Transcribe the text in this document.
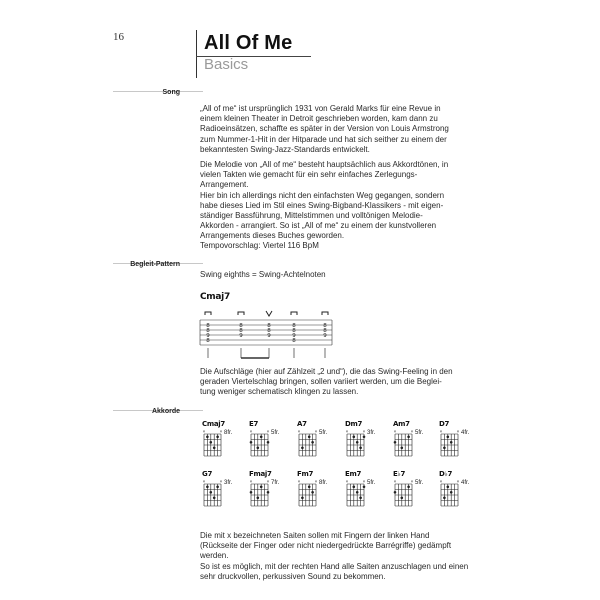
16	All Of Me
Basics
Song
„All of me“ ist ursprünglich 1931 von Gerald Marks für eine Revue in
einem kleinen Theater in Detroit geschrieben worden, kam dann zu
Radioeinsätzen, schaffte es später in der Version von Louis Armstrong
zum Nummer-1-Hit in der Hitparade und hat sich seither zu einem der
bekanntesten Swing-Jazz-Standards entwickelt.
Die Melodie von „All of me“ besteht hauptsächlich aus Akkordtönen, in
vielen Takten wie gemacht für ein sehr einfaches Zerlegungs-
Arrangement.
Hier bin ich allerdings nicht den einfachsten Weg gegangen, sondern
habe dieses Lied im Stil eines Swing-Bigband-Klassikers - mit eigen-
ständiger Bassführung, Mittelstimmen und volltönigen Melodie-
Akkorden - arrangiert. So ist „All of me“ zu einem der kunstvolleren
Arrangements dieses Buches geworden.
Tempovorschlag: Viertel 116 BpM
Begleit-Pattern
Swing eighths = Swing-Achtelnoten
Cmaj7
8
8
9
8
8
8
9
8
8
9
8
8
9
8
8
8
9
Die Aufschläge (hier auf Zählzeit „2 und“), die das Swing-Feeling in den
geraden Viertelschlag bringen, sollen variiert werden, um die Beglei-
tung weniger schematisch klingen zu lassen.
Akkorde
Cmaj7
×	× 8fr.
E7
×	× 5fr.
A7
×	× 5fr.
Dm7
×	× 3fr.
Am7
×	× 5fr.
D7
×	× 4fr.
G7
×	× 3fr.
Fmaj7
×	× 7fr.
Fm7
×	× 8fr.
Em7
×	× 5fr.
E♭7
×	× 5fr.
D♭7
×	× 4fr.
Die mit x bezeichneten Saiten sollen mit Fingern der linken Hand
(Rückseite der Finger oder nicht niedergedrückte Barrégriffe) gedämpft
werden.
So ist es möglich, mit der rechten Hand alle Saiten anzuschlagen und einen
sehr druckvollen, perkussiven Sound zu bekommen.
